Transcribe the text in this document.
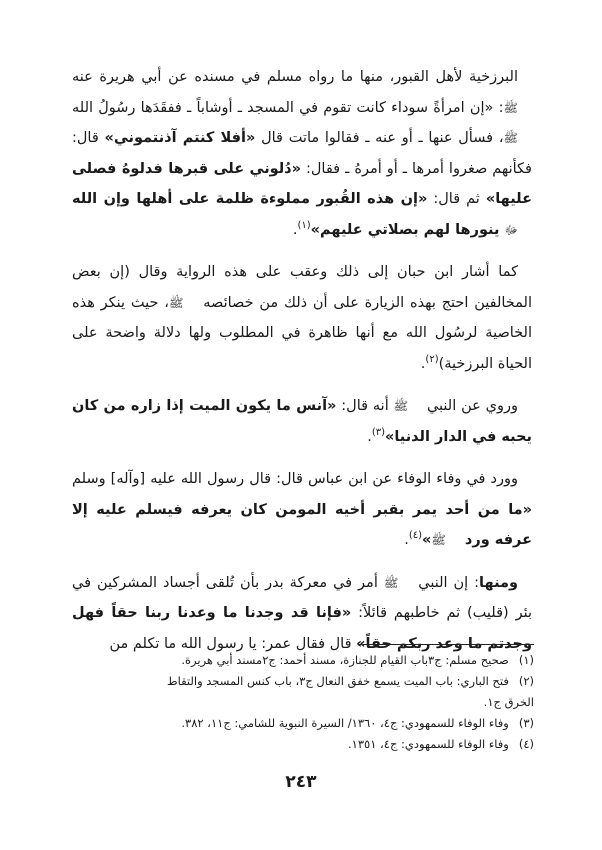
البرزخية لأهل القبور، منها ما رواه مسلم في مسنده عن أبي هريرة عنه ﷺ: «إن امرأةً سوداء كانت تقوم في المسجد ـ أوشاباً ـ ففقَدَها رسُولُ الله ﷺ، فسأل عنها ـ أو عنه ـ فقالوا ماتت قال «أفلا كنتم آذنتموني» قال: فكأنهم صغروا أمرها ـ أو أمرهُ ـ فقال: «دُلوني على قبرها فدلوهُ فصلى عليها» ثم قال: «إن هذه القُبور مملوءة ظلمة على أهلها وإن الله ﷻ ينورها لهم بصلاتي عليهم»$^{(١)}$.

كما أشار ابن حبان إلى ذلك وعقب على هذه الرواية وقال (إن بعض المخالفين احتج بهذه الزيارة على أن ذلك من خصائصه ﷺ، حيث ينكر هذه الخاصية لرسُول الله مع أنها ظاهرة في المطلوب ولها دلالة واضحة على الحياة البرزخية)$^{(٢)}$.

وروي عن النبي ﷺ أنه قال: «آنس ما يكون الميت إذا زاره من كان يحبه في الدار الدنيا»$^{(٣)}$.

وورد في وفاء الوفاء عن ابن عباس قال: قال رسول الله عليه [وآله] وسلم «ما من أحد يمر بقبر أخيه المومن كان يعرفه فيسلم عليه إلا عرفه ورد ﷺ»$^{(٤)}$.

ومنها: إن النبي ﷺ أمر في معركة بدر بأن تُلقى أجساد المشركين في بئر (قليب) ثم خاطبهم قائلاً: «فإنا قد وجدنا ما وعدنا ربنا حقاً فهل وجدتم ما وعد ربكم حقاً» قال فقال عمر: يا رسول الله ما تكلم من

(١)صحيح مسلم: ج٣باب القيام للجنازة، مسند أحمد: ج٢مسند أبي هريرة.
(٢)فتح الباري: باب الميت يسمع خفق النعال ج٣، باب كنس المسجد والتقاط
الخرق ج١.
(٣)وفاء الوفاء للسمهودي: ج٤، ١٣٦٠/ السيرة النبوية للشامي: ج١١، ٣٨٢.
(٤)وفاء الوفاء للسمهودي: ج٤، ١٣٥١.
٢٤٣
